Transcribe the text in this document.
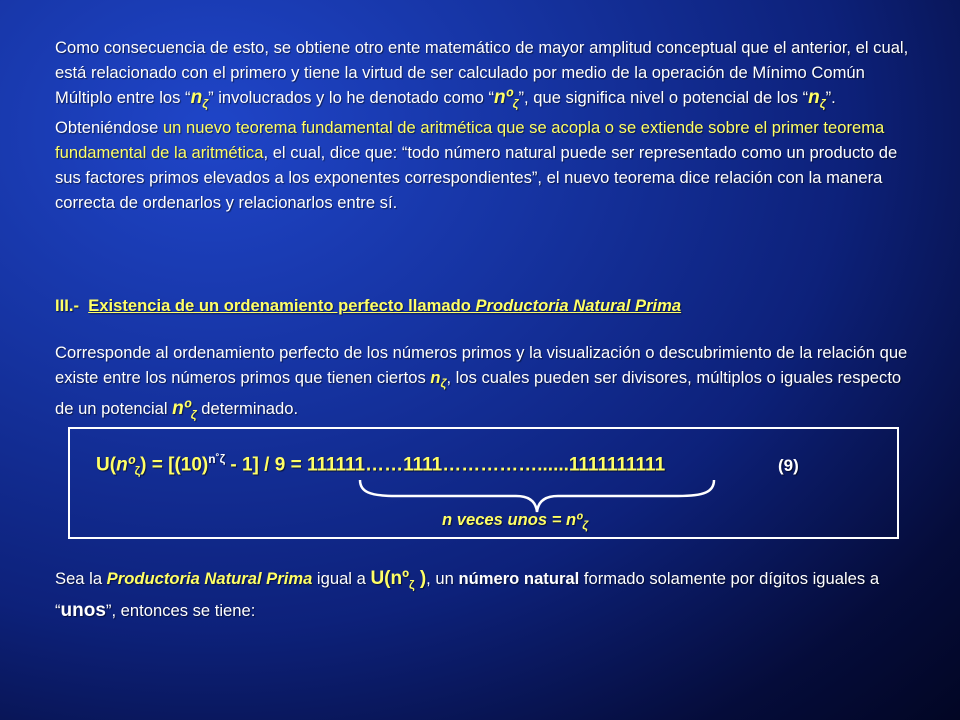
Como consecuencia de esto, se obtiene otro ente matemático de mayor amplitud conceptual que el anterior, el cual, está relacionado con el primero y tiene la virtud de ser calculado por medio de la operación de Mínimo Común Múltiplo entre los “$n_\zeta$” involucrados y lo he denotado como “nº$_\zeta$”, que significa nivel o potencial de los “$n_\zeta$”. Obteniéndose un nuevo teorema fundamental de aritmética que se acopla o se extiende sobre el primer teorema fundamental de la aritmética, el cual, dice que: “todo número natural puede ser representado como un producto de sus factores primos elevados a los exponentes correspondientes”, el nuevo teorema dice relación con la manera correcta de ordenarlos y relacionarlos entre sí.
III.- Existencia de un ordenamiento perfecto llamado Productoria Natural Prima
Corresponde al ordenamiento perfecto de los números primos y la visualización o descubrimiento de la relación que existe entre los números primos que tienen ciertos $n_\zeta$, los cuales pueden ser divisores, múltiplos o iguales respecto de un potencial nº$_\zeta$ determinado.
U(nº$_\zeta$) = $[(10)^{n˚\zeta} - 1] / 9$ = 111111……1111……………......1111111111	(9)
n veces unos = nº$_\zeta$
Sea la Productoria Natural Prima igual a U(nº$_\zeta$ ), un número natural formado solamente por dígitos iguales a “unos”, entonces se tiene:
